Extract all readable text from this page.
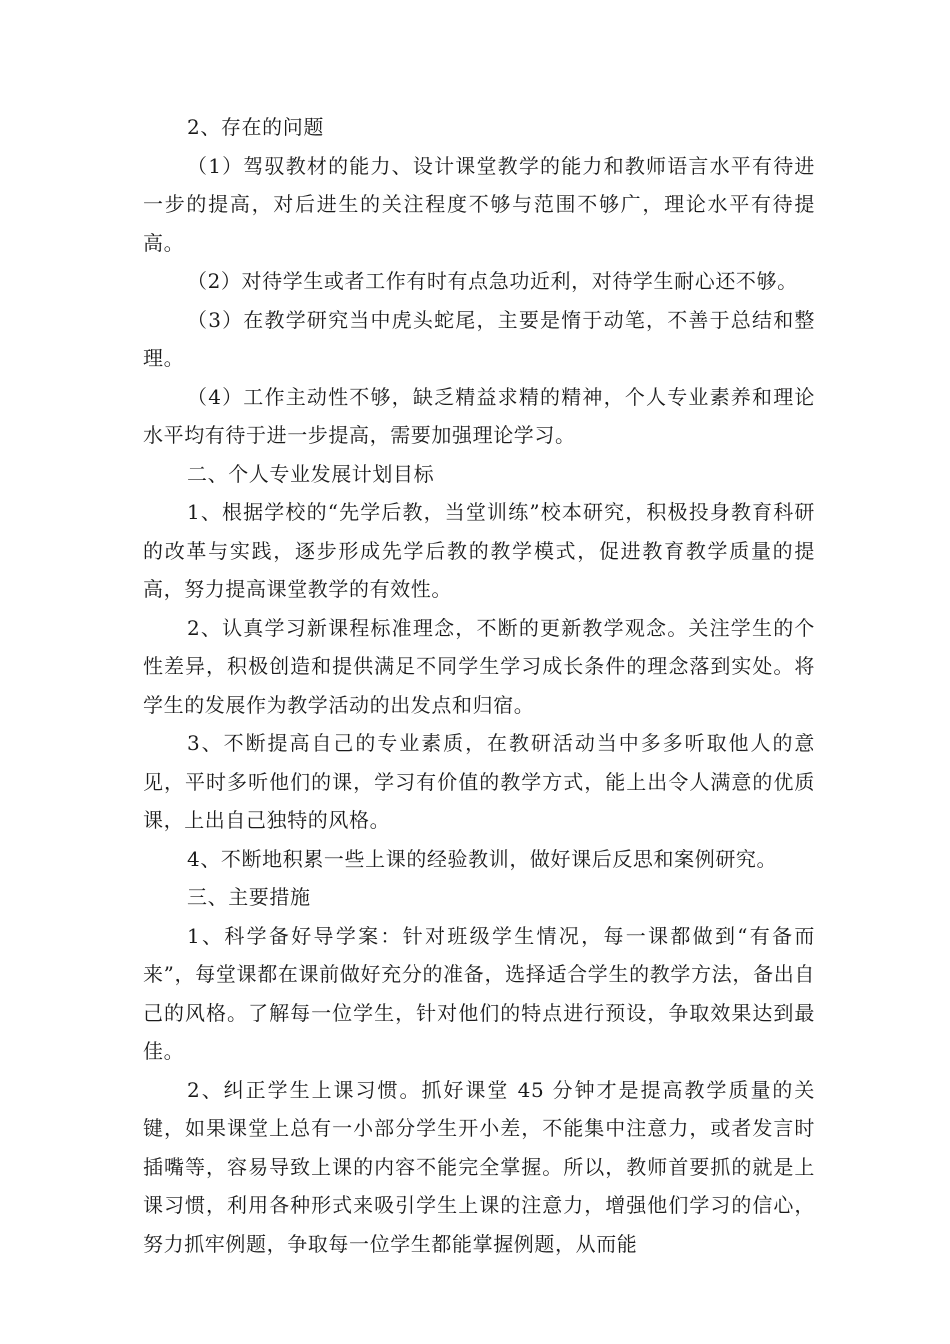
2、存在的问题

（1）驾驭教材的能力、设计课堂教学的能力和教师语言水平有待进一步的提高，对后进生的关注程度不够与范围不够广，理论水平有待提高。

（2）对待学生或者工作有时有点急功近利，对待学生耐心还不够。

（3）在教学研究当中虎头蛇尾，主要是惰于动笔，不善于总结和整理。

（4）工作主动性不够，缺乏精益求精的精神，个人专业素养和理论水平均有待于进一步提高，需要加强理论学习。

二、个人专业发展计划目标

1、根据学校的“先学后教，当堂训练”校本研究，积极投身教育科研的改革与实践，逐步形成先学后教的教学模式，促进教育教学质量的提高，努力提高课堂教学的有效性。

2、认真学习新课程标准理念，不断的更新教学观念。关注学生的个性差异，积极创造和提供满足不同学生学习成长条件的理念落到实处。将学生的发展作为教学活动的出发点和归宿。

3、不断提高自己的专业素质，在教研活动当中多多听取他人的意见，平时多听他们的课，学习有价值的教学方式，能上出令人满意的优质课，上出自己独特的风格。

4、不断地积累一些上课的经验教训，做好课后反思和案例研究。

三、主要措施

1、科学备好导学案：针对班级学生情况，每一课都做到“有备而来”，每堂课都在课前做好充分的准备，选择适合学生的教学方法，备出自己的风格。了解每一位学生，针对他们的特点进行预设，争取效果达到最佳。

2、纠正学生上课习惯。抓好课堂 45 分钟才是提高教学质量的关键，如果课堂上总有一小部分学生开小差，不能集中注意力，或者发言时插嘴等，容易导致上课的内容不能完全掌握。所以，教师首要抓的就是上课习惯，利用各种形式来吸引学生上课的注意力，增强他们学习的信心，努力抓牢例题，争取每一位学生都能掌握例题，从而能
